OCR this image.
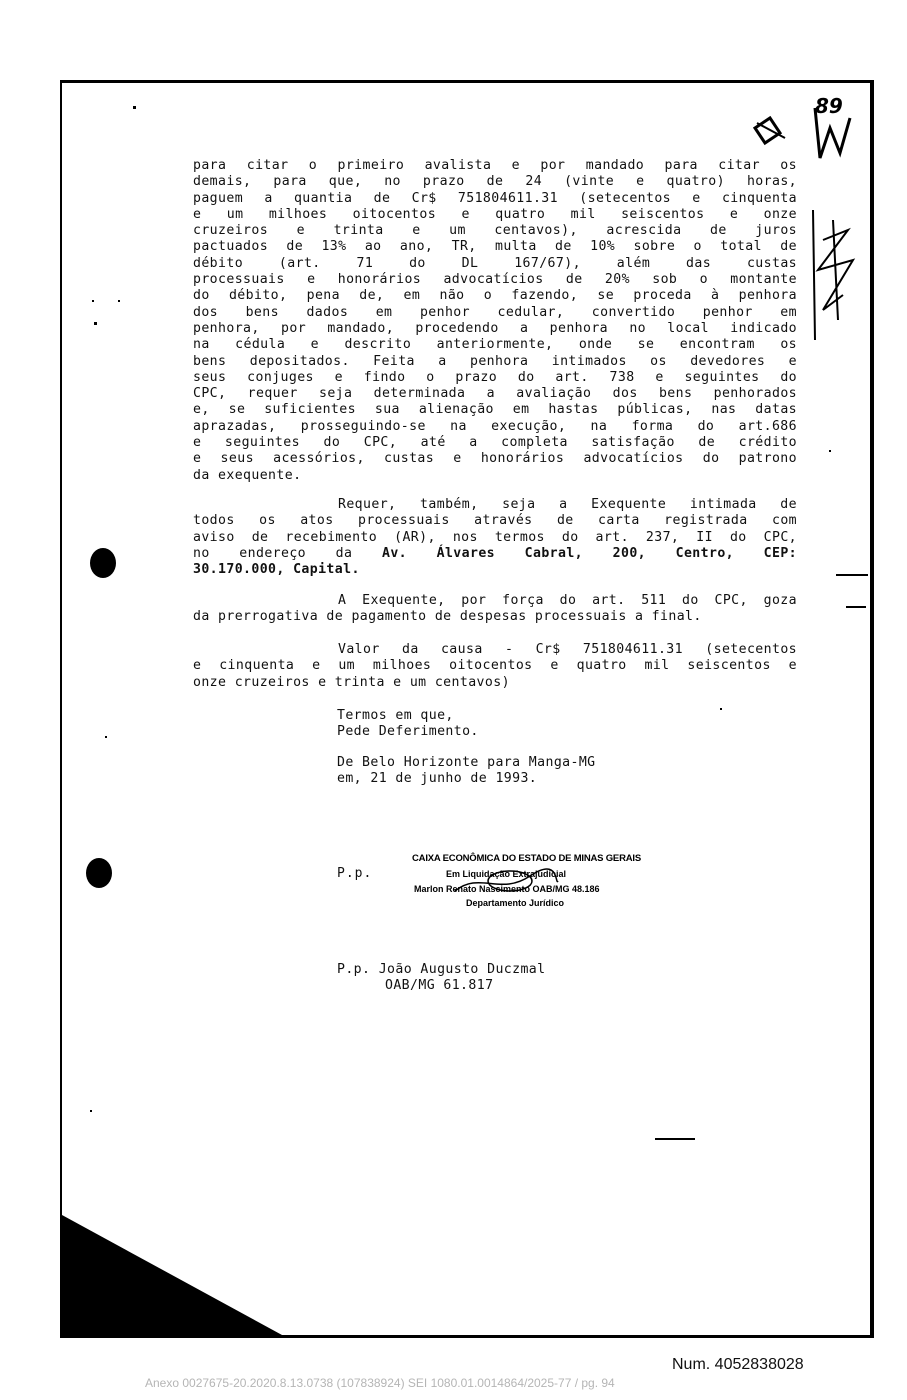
89
para citar o primeiro avalista e por mandado para citar os
demais, para que, no prazo de 24 (vinte e quatro) horas,
paguem a quantia de Cr$ 751804611.31 (setecentos e cinquenta
e um milhoes oitocentos e quatro mil seiscentos e onze
cruzeiros e trinta e um centavos), acrescida de juros
pactuados de 13% ao ano, TR, multa de 10% sobre o total de
débito (art. 71 do DL 167/67), além das custas
processuais e honorários advocatícios de 20% sob o montante
do débito, pena de, em não o fazendo, se proceda à penhora
dos bens dados em penhor cedular, convertido penhor em
penhora, por mandado, procedendo a penhora no local indicado
na cédula e descrito anteriormente, onde se encontram os
bens depositados. Feita a penhora intimados os devedores e
seus conjuges e findo o prazo do art. 738 e seguintes do
CPC, requer seja determinada a avaliação dos bens penhorados
e, se suficientes sua alienação em hastas públicas, nas datas
aprazadas, prosseguindo-se na execução, na forma do art.686
e seguintes do CPC, até a completa satisfação de crédito
e seus acessórios, custas e honorários advocatícios do patrono
da exequente.
Requer, também, seja a Exequente intimada de
todos os atos processuais através de carta registrada com
aviso de recebimento (AR), nos termos do art. 237, II do CPC,
no endereço da Av. Álvares Cabral, 200, Centro, CEP:
30.170.000, Capital.
A Exequente, por força do art. 511 do CPC, goza
da prerrogativa de pagamento de despesas processuais a final.
Valor da causa - Cr$ 751804611.31 (setecentos
e cinquenta e um milhoes oitocentos e quatro mil seiscentos e
onze cruzeiros e trinta e um centavos)
Termos em que,
Pede Deferimento.
De Belo Horizonte para Manga-MG
em, 21 de junho de 1993.
P.p.
CAIXA ECONÔMICA DO ESTADO DE MINAS GERAIS
Em Liquidação Extrajudicial
Marlon Renato Nascimento OAB/MG 48.186
Departamento Jurídico
P.p. João Augusto Duczmal
OAB/MG 61.817
Num. 4052838028
Anexo 0027675-20.2020.8.13.0738 (107838924) SEI 1080.01.0014864/2025-77 / pg. 94
